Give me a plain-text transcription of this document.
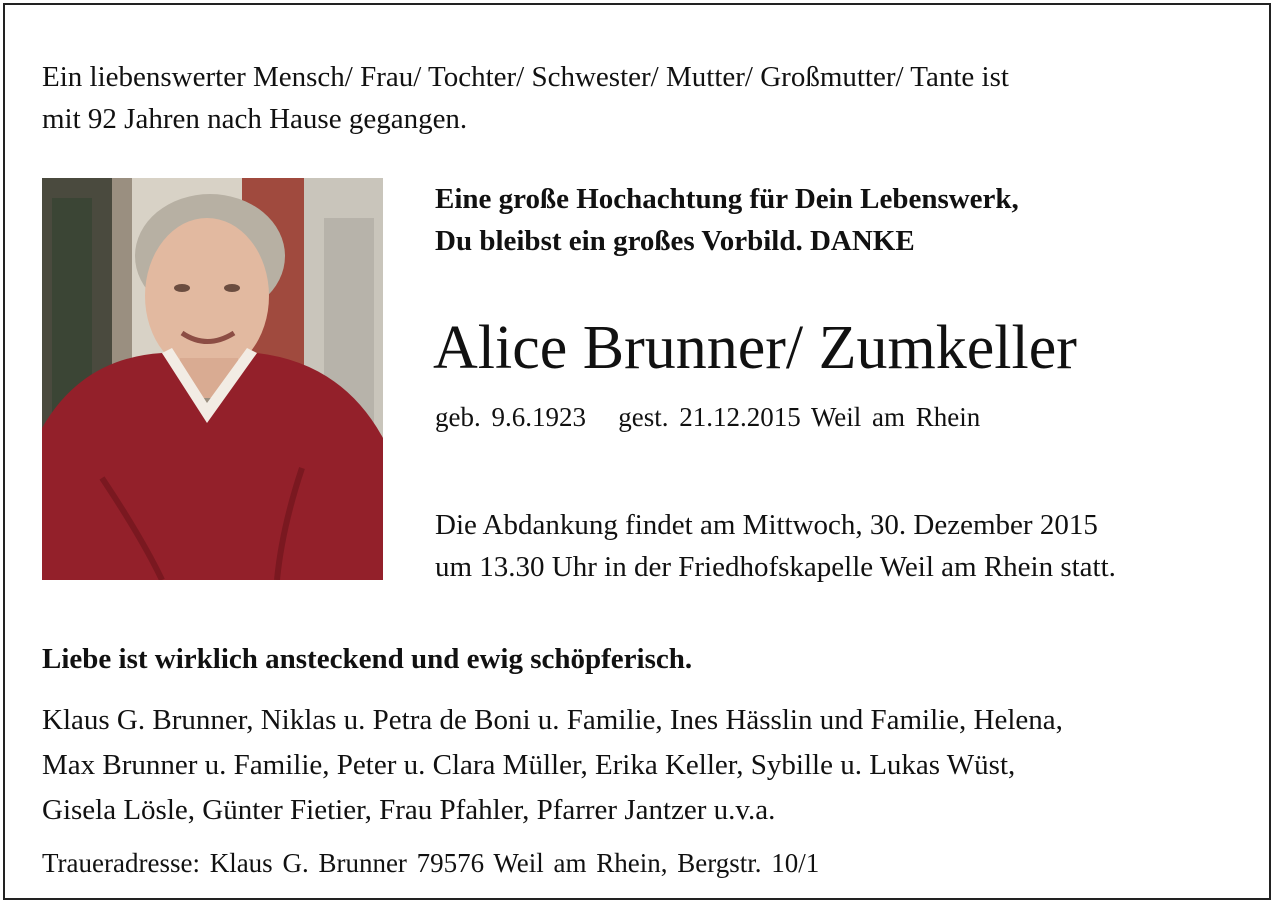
Ein liebenswerter Mensch/ Frau/ Tochter/ Schwester/ Mutter/ Großmutter/ Tante ist
mit 92 Jahren nach Hause gegangen.

Eine große Hochachtung für Dein Lebenswerk,
Du bleibst ein großes Vorbild. DANKE

Alice Brunner/ Zumkeller

geb. 9.6.1923   gest. 21.12.2015 Weil am Rhein

Die Abdankung findet am Mittwoch, 30. Dezember 2015
um 13.30 Uhr in der Friedhofskapelle Weil am Rhein statt.

Liebe ist wirklich ansteckend und ewig schöpferisch.

Klaus G. Brunner, Niklas u. Petra de Boni u. Familie, Ines Hässlin und Familie, Helena,
Max Brunner u. Familie, Peter u. Clara Müller, Erika Keller, Sybille u. Lukas Wüst,
Gisela Lösle, Günter Fietier, Frau Pfahler, Pfarrer Jantzer u.v.a.

Traueradresse: Klaus G. Brunner 79576 Weil am Rhein, Bergstr. 10/1
